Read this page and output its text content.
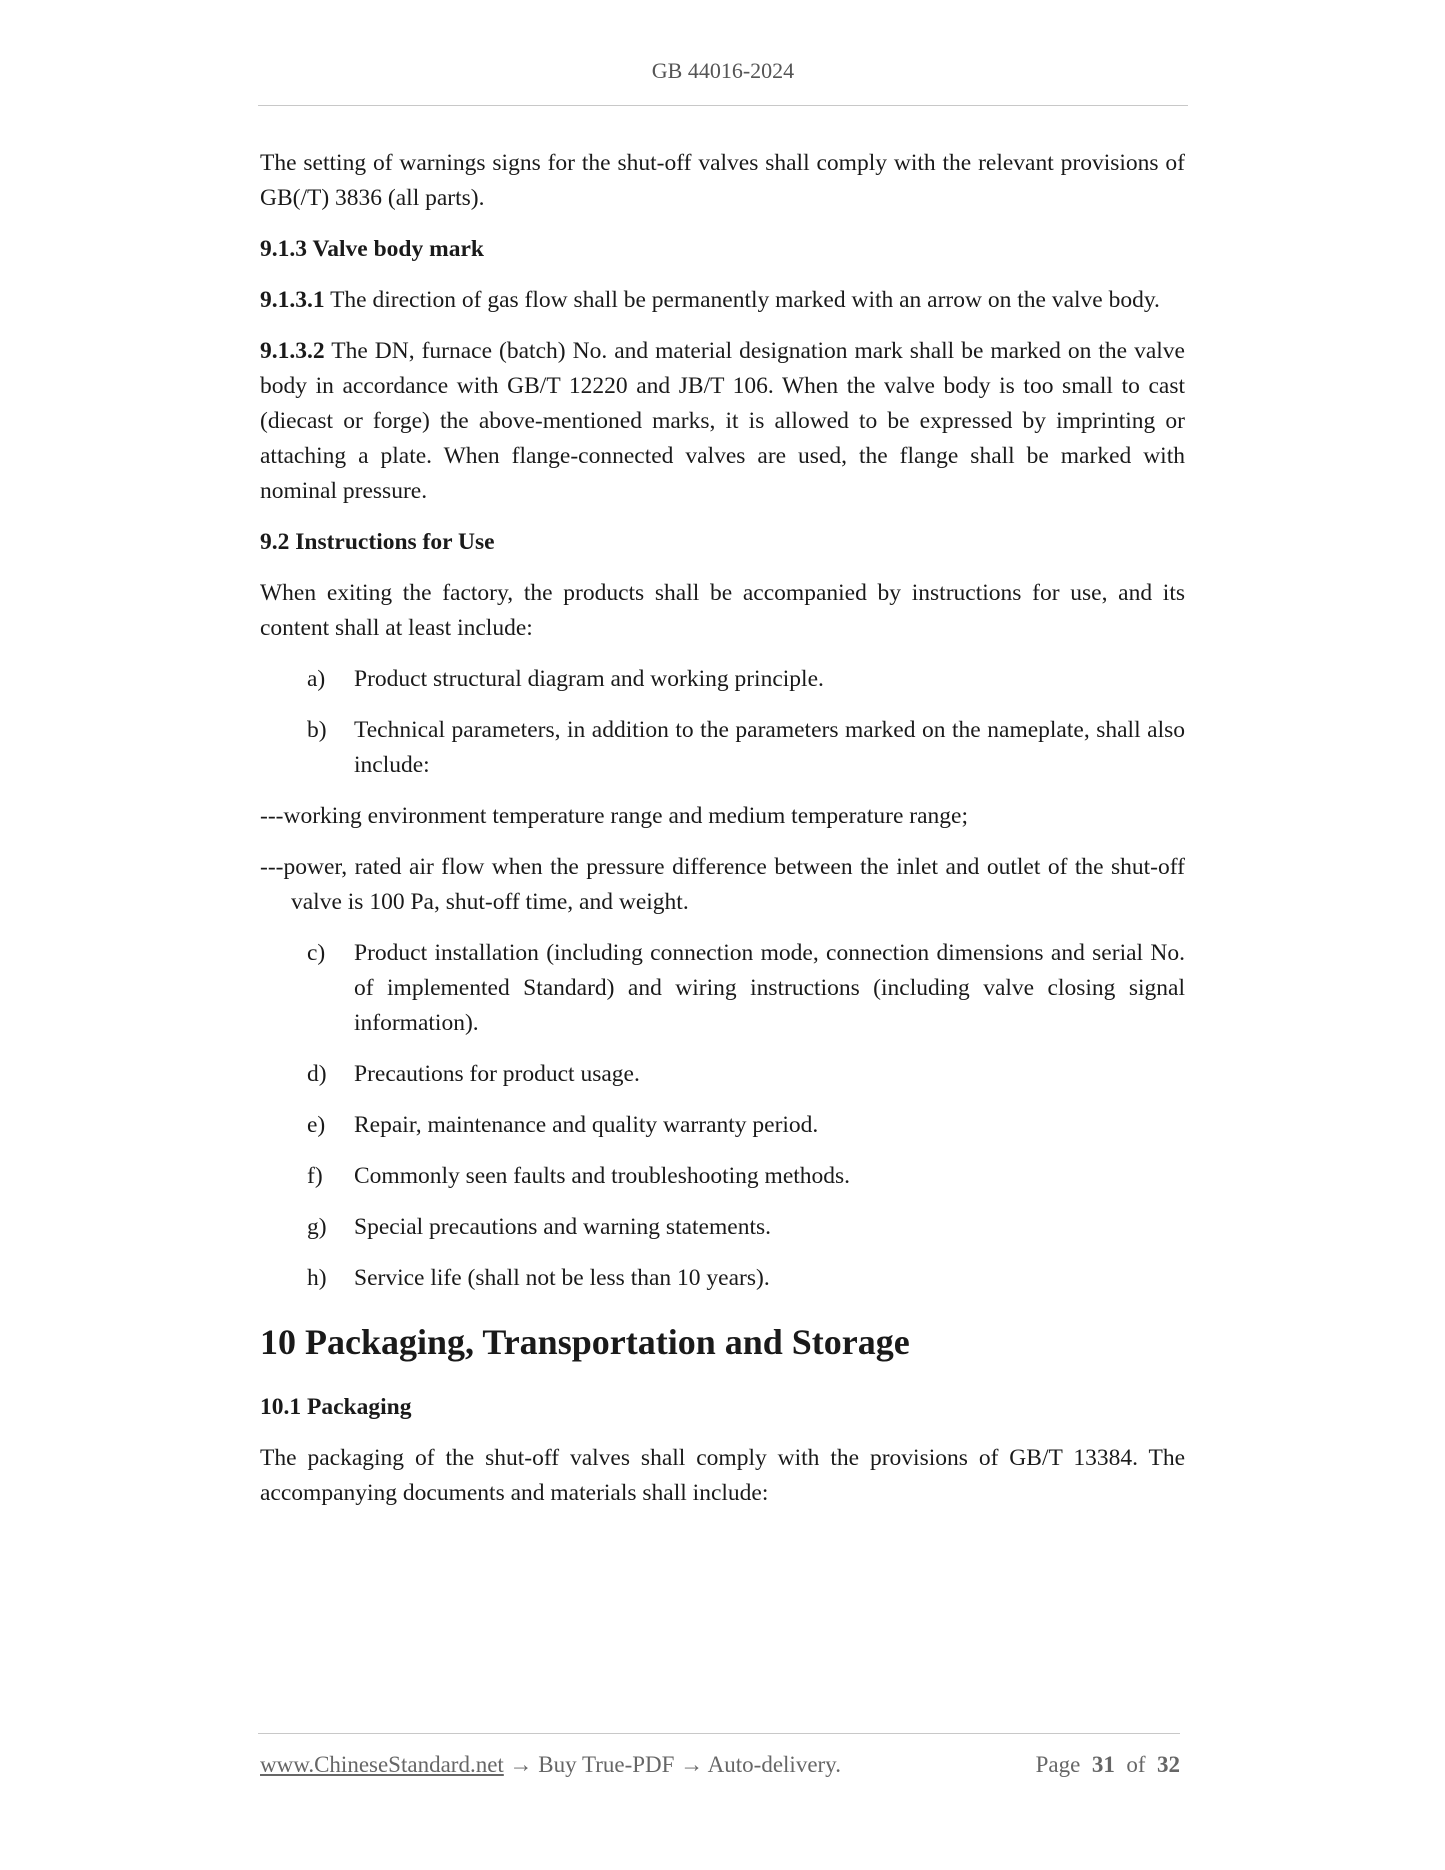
GB 44016-2024

The setting of warnings signs for the shut-off valves shall comply with the relevant provisions of GB(/T) 3836 (all parts).

9.1.3 Valve body mark

9.1.3.1 The direction of gas flow shall be permanently marked with an arrow on the valve body.

9.1.3.2 The DN, furnace (batch) No. and material designation mark shall be marked on the valve body in accordance with GB/T 12220 and JB/T 106. When the valve body is too small to cast (diecast or forge) the above-mentioned marks, it is allowed to be expressed by imprinting or attaching a plate. When flange-connected valves are used, the flange shall be marked with nominal pressure.

9.2 Instructions for Use

When exiting the factory, the products shall be accompanied by instructions for use, and its content shall at least include:

a) Product structural diagram and working principle.
b) Technical parameters, in addition to the parameters marked on the nameplate, shall also include:

---working environment temperature range and medium temperature range;

---power, rated air flow when the pressure difference between the inlet and outlet of the shut-off valve is 100 Pa, shut-off time, and weight.

c) Product installation (including connection mode, connection dimensions and serial No. of implemented Standard) and wiring instructions (including valve closing signal information).
d) Precautions for product usage.
e) Repair, maintenance and quality warranty period.
f) Commonly seen faults and troubleshooting methods.
g) Special precautions and warning statements.
h) Service life (shall not be less than 10 years).

10 Packaging, Transportation and Storage

10.1 Packaging

The packaging of the shut-off valves shall comply with the provisions of GB/T 13384. The accompanying documents and materials shall include:

www.ChineseStandard.net → Buy True-PDF → Auto-delivery.	Page 31 of 32
